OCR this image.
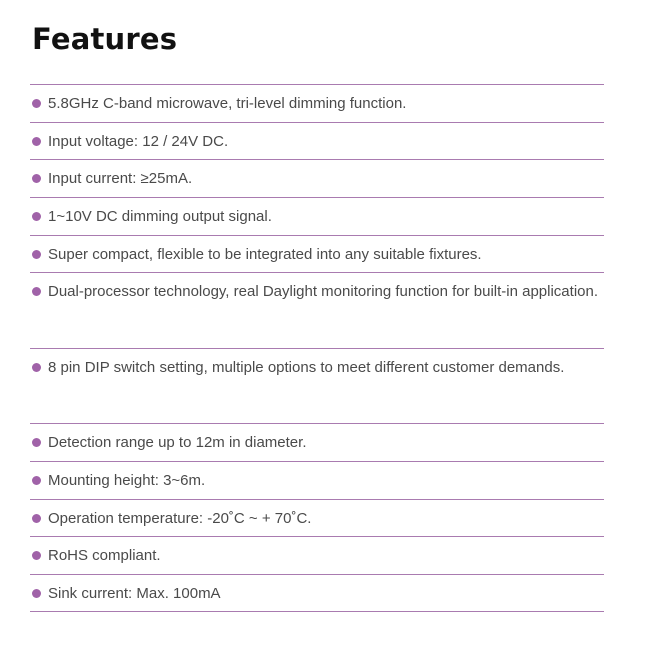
Features
5.8GHz C-band microwave, tri-level dimming function.
Input voltage: 12 / 24V DC.
Input current: ≥25mA.
1~10V DC dimming output signal.
Super compact, flexible to be integrated into any suitable fixtures.
Dual-processor technology, real Daylight monitoring function for built-in application.
8 pin DIP switch setting, multiple options to meet different customer demands.
Detection range up to 12m in diameter.
Mounting height: 3~6m.
Operation temperature: -20˚C ~ + 70˚C.
RoHS compliant.
Sink current: Max. 100mA
